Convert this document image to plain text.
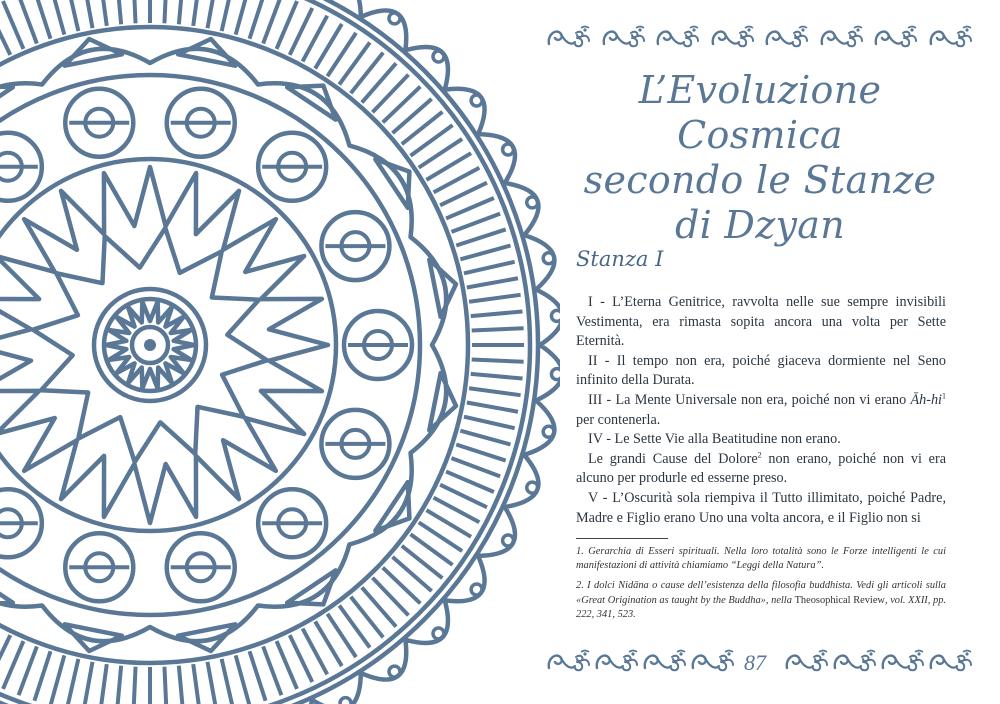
L’Evoluzione Cosmica
secondo le Stanze
di Dzyan
Stanza I

I - L’Eterna Genitrice, ravvolta nelle sue sempre invisibili Vestimenta, era rimasta sopita ancora una volta per Sette Eternità.

II - Il tempo non era, poiché giaceva dormiente nel Seno infinito della Durata.

III - La Mente Universale non era, poiché non vi erano $Āh-hi^1$ per contenerla.

IV - Le Sette Vie alla Beatitudine non erano.

Le grandi Cause del Dolore$^2$ non erano, poiché non vi era alcuno per produrle ed esserne preso.

V - L’Oscurità sola riempiva il Tutto illimitato, poiché Padre, Madre e Figlio erano Uno una volta ancora, e il Figlio non si

1. Gerarchia di Esseri spirituali. Nella loro totalità sono le Forze intelligenti le cui manifestazioni di attività chiamiamo “Leggi della Natura”.

2. I dolci Nidāna o cause dell’esistenza della filosofia buddhista. Vedi gli articoli sulla «Great Origination as taught by the Buddha», nella Theosophical Review, vol. XXII, pp. 222, 341, 523.

87
